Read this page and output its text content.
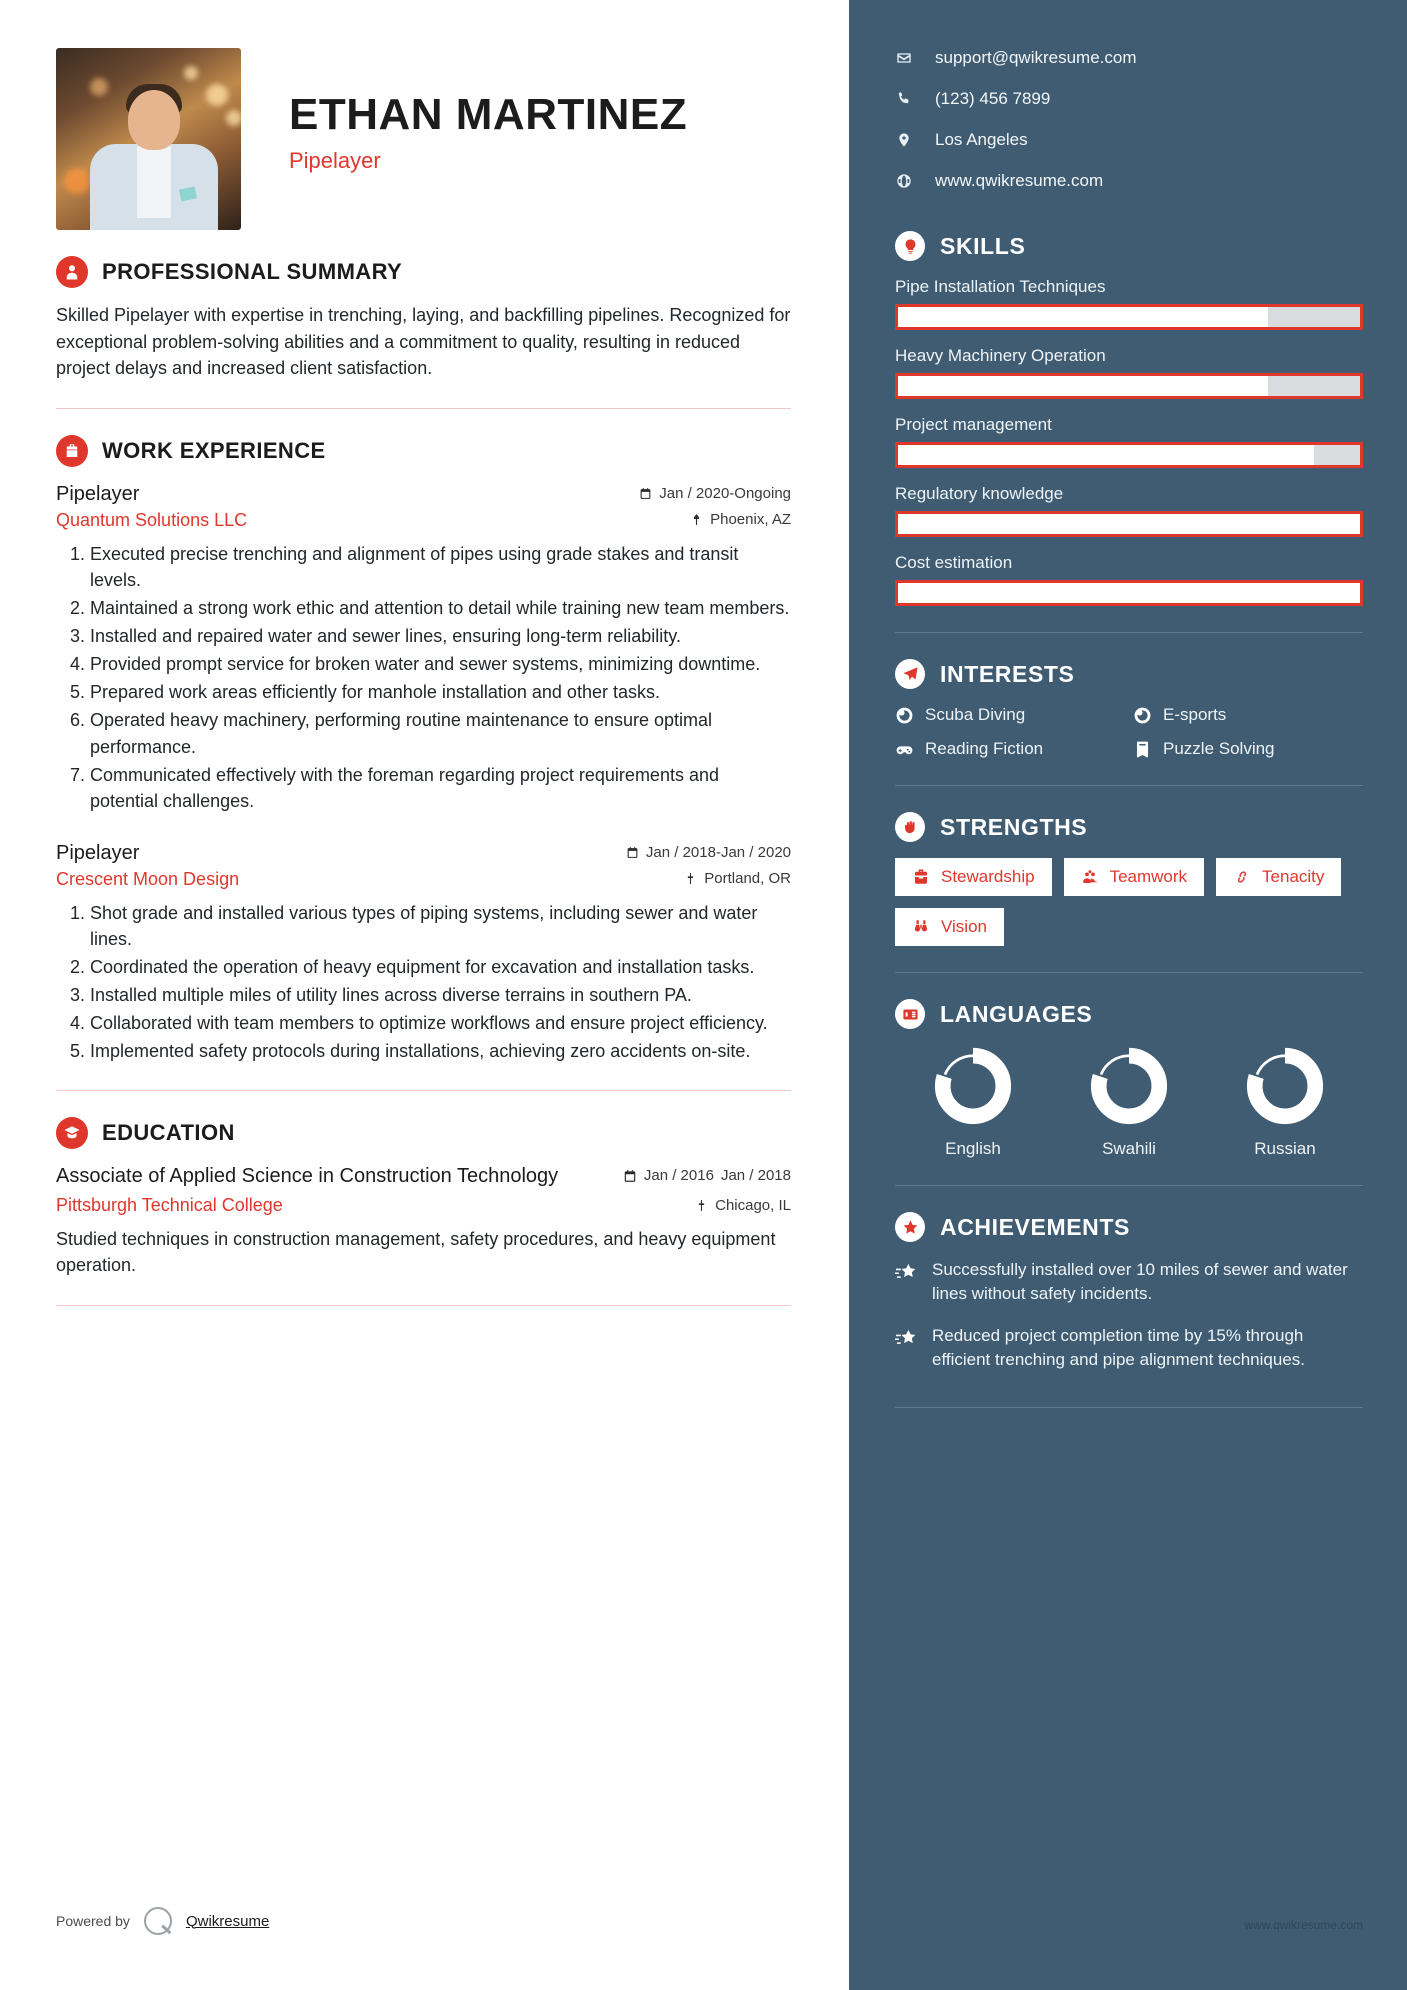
ETHAN MARTINEZ
Pipelayer
PROFESSIONAL SUMMARY

Skilled Pipelayer with expertise in trenching, laying, and backfilling pipelines. Recognized for exceptional problem-solving abilities and a commitment to quality, resulting in reduced project delays and increased client satisfaction.

WORK EXPERIENCE
Pipelayer	Jan / 2020-Ongoing
Quantum Solutions LLC	Phoenix, AZ
1. Executed precise trenching and alignment of pipes using grade stakes and transit levels.
2. Maintained a strong work ethic and attention to detail while training new team members.
3. Installed and repaired water and sewer lines, ensuring long-term reliability.
4. Provided prompt service for broken water and sewer systems, minimizing downtime.
5. Prepared work areas efficiently for manhole installation and other tasks.
6. Operated heavy machinery, performing routine maintenance to ensure optimal performance.
7. Communicated effectively with the foreman regarding project requirements and potential challenges.
Pipelayer	Jan / 2018-Jan / 2020
Crescent Moon Design	Portland, OR
1. Shot grade and installed various types of piping systems, including sewer and water lines.
2. Coordinated the operation of heavy equipment for excavation and installation tasks.
3. Installed multiple miles of utility lines across diverse terrains in southern PA.
4. Collaborated with team members to optimize workflows and ensure project efficiency.
5. Implemented safety protocols during installations, achieving zero accidents on-site.
EDUCATION
Associate of Applied Science in Construction Technology	Jan / 2016 Jan / 2018
Pittsburgh Technical College	Chicago, IL

Studied techniques in construction management, safety procedures, and heavy equipment operation.

Powered by	Qwikresume
support@qwikresume.com
(123) 456 7899
Los Angeles
www.qwikresume.com
SKILLS
Pipe Installation Techniques
Heavy Machinery Operation
Project management
Regulatory knowledge
Cost estimation
INTERESTS
Scuba Diving	E-sports
Reading Fiction	Puzzle Solving
STRENGTHS
Stewardship	Teamwork	Tenacity
Vision
LANGUAGES
English	Swahili	Russian
ACHIEVEMENTS
Successfully installed over 10 miles of sewer and water lines without safety incidents.
Reduced project completion time by 15% through efficient trenching and pipe alignment techniques.
www.qwikresume.com
